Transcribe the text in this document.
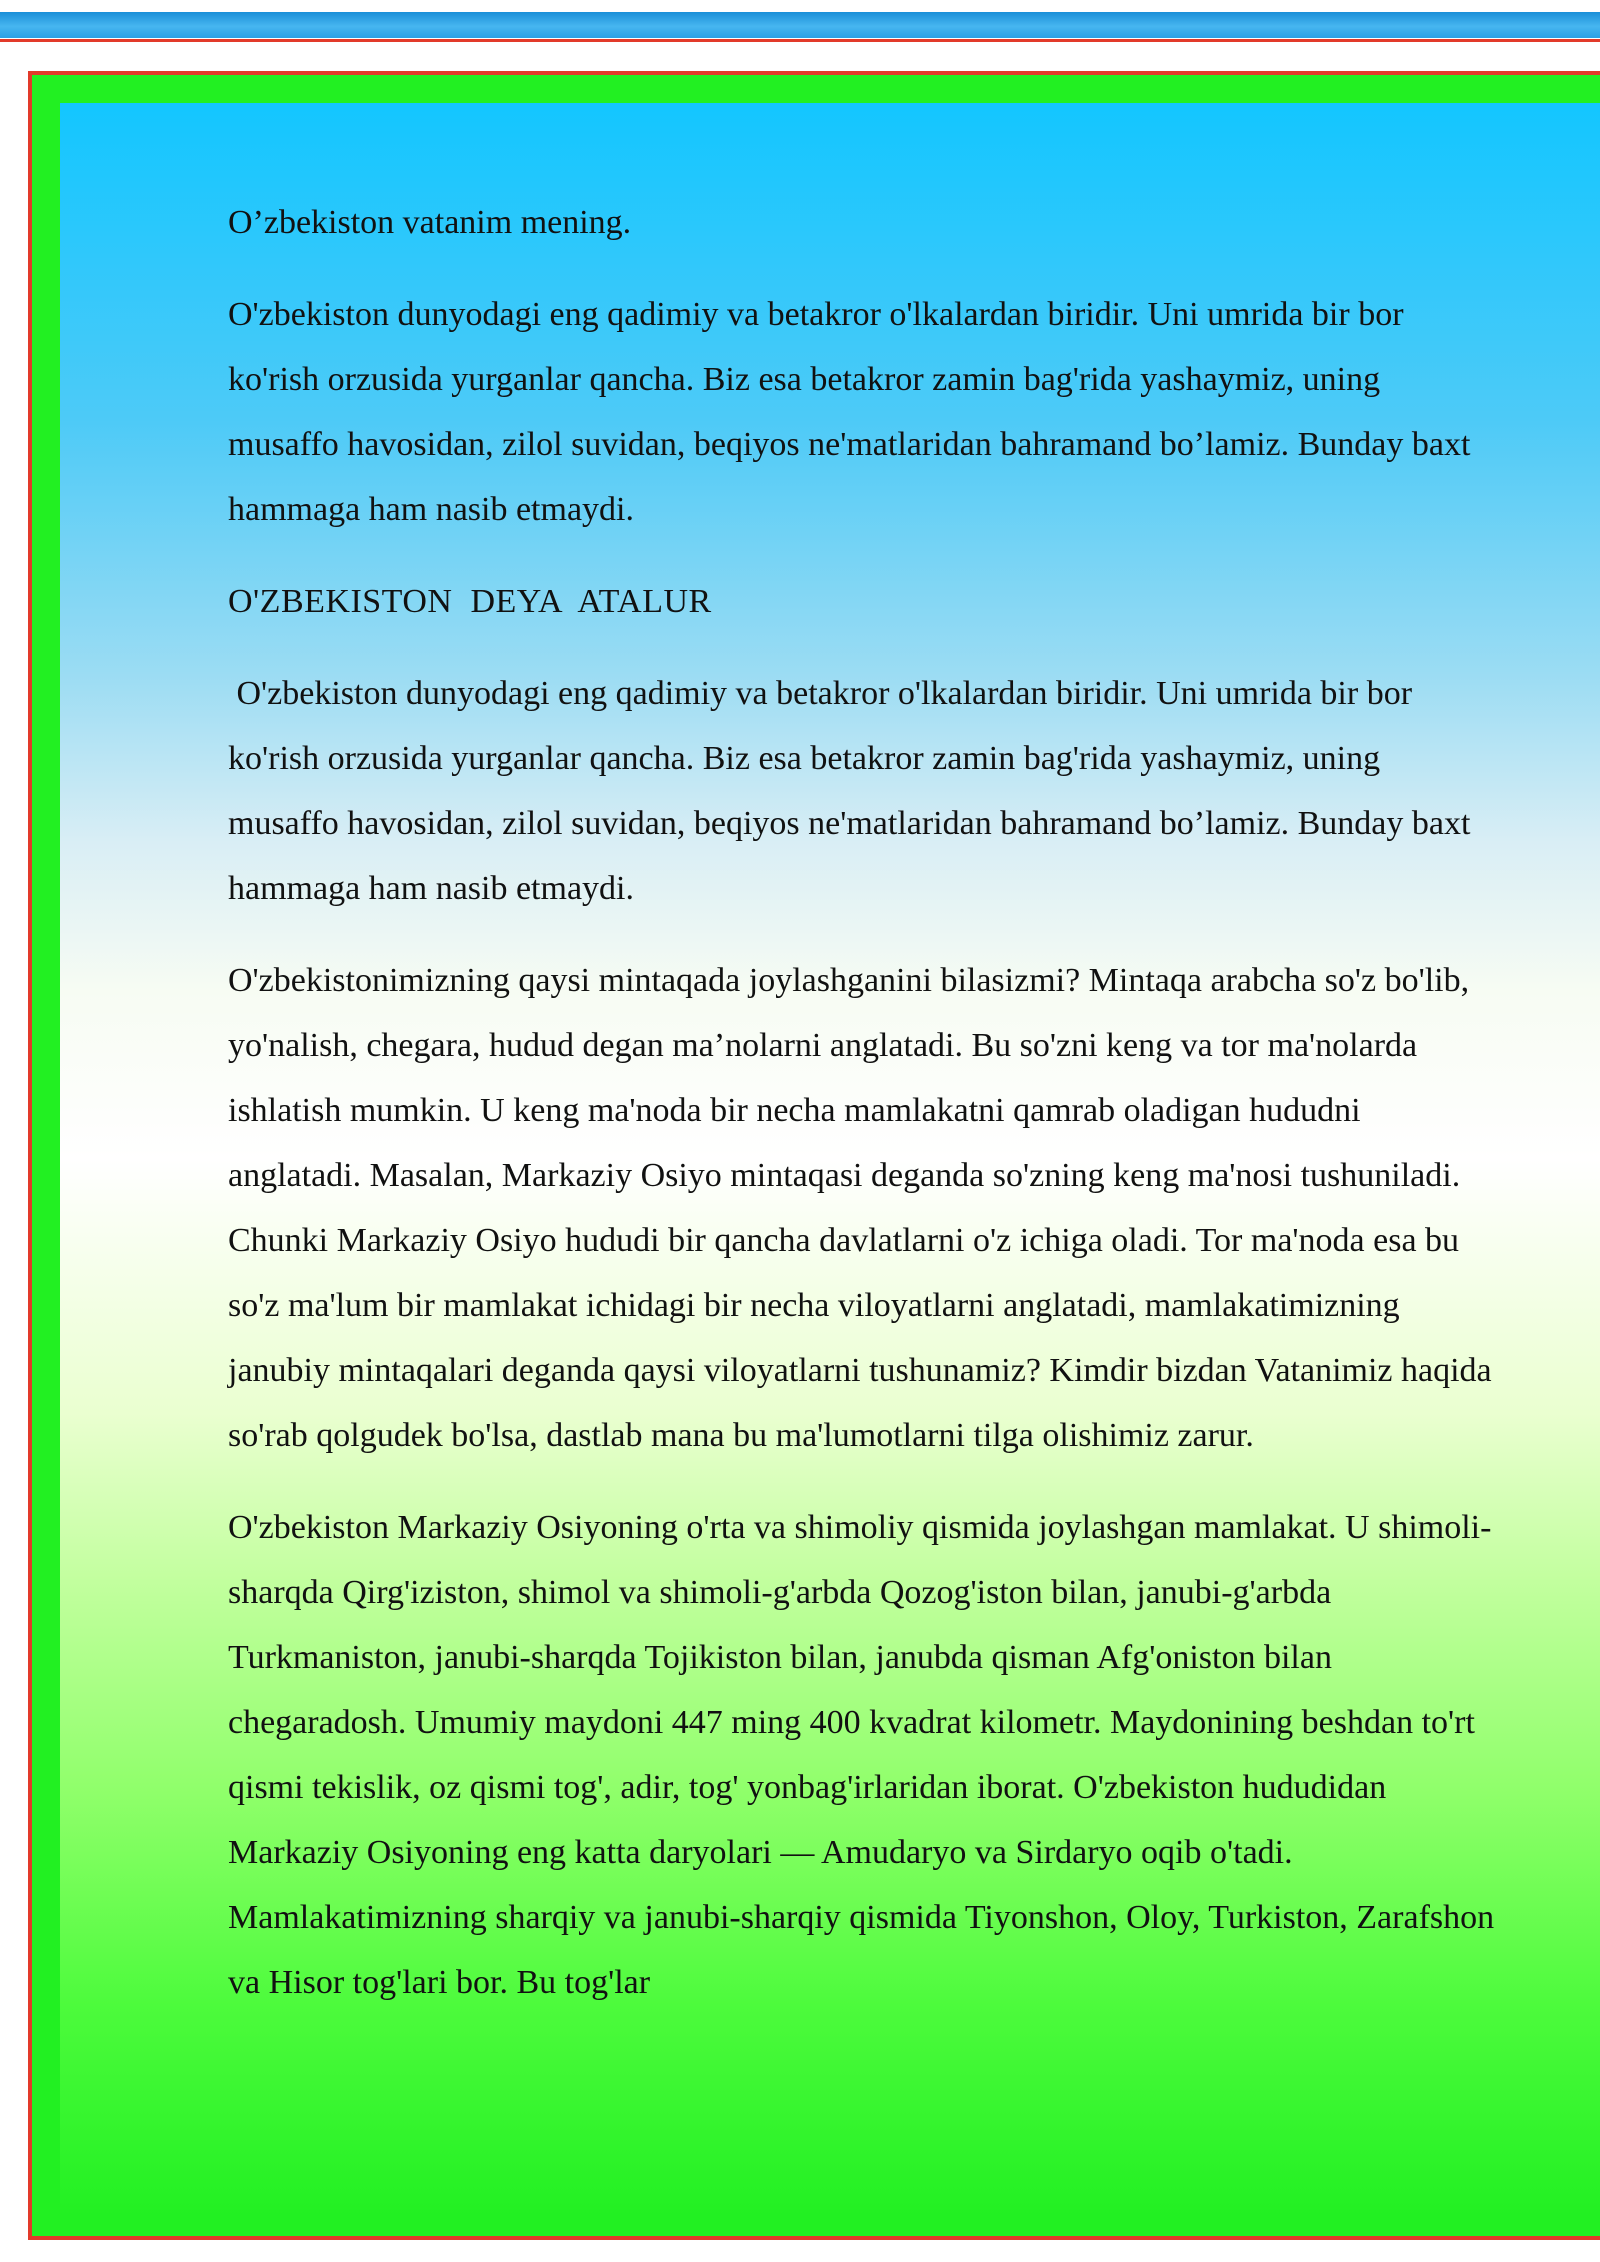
O’zbekiston vatanim mening.

O'zbekiston dunyodagi eng qadimiy va betakror o'lkalardan biridir. Uni umrida bir bor ko'rish orzusida yurganlar qancha. Biz esa betakror zamin bag'rida yashaymiz, uning musaffo havosidan, zilol suvidan, beqiyos ne'matlaridan bahramand bo’lamiz. Bunday baxt hammaga ham nasib etmaydi.

O'ZBEKISTON  DEYA  ATALUR

O'zbekiston dunyodagi eng qadimiy va betakror o'lkalardan biridir. Uni umrida bir bor ko'rish orzusida yurganlar qancha. Biz esa betakror zamin bag'rida yashaymiz, uning musaffo havosidan, zilol suvidan, beqiyos ne'matlaridan bahramand bo’lamiz. Bunday baxt hammaga ham nasib etmaydi.

O'zbekistonimizning qaysi mintaqada joylashganini bilasizmi? Mintaqa arabcha so'z bo'lib, yo'nalish, chegara, hudud degan ma’nolarni anglatadi. Bu so'zni keng va tor ma'nolarda ishlatish mumkin. U keng ma'noda bir necha mamlakatni qamrab oladigan hududni anglatadi. Masalan, Markaziy Osiyo mintaqasi deganda so'zning keng ma'nosi tushuniladi. Chunki Markaziy Osiyo hududi bir qancha davlatlarni o'z ichiga oladi. Tor ma'noda esa bu so'z ma'lum bir mamlakat ichidagi bir necha viloyatlarni anglatadi, mamlakatimizning janubiy mintaqalari deganda qaysi viloyatlarni tushunamiz? Kimdir bizdan Vatanimiz haqida so'rab qolgudek bo'lsa, dastlab mana bu ma'lumotlarni tilga olishimiz zarur.

O'zbekiston Markaziy Osiyoning o'rta va shimoliy qismida joylashgan mamlakat. U shimoli-sharqda Qirg'iziston, shimol va shimoli-g'arbda Qozog'iston bilan, janubi-g'arbda Turkmaniston, janubi-sharqda Tojikiston bilan, janubda qisman Afg'oniston bilan chegaradosh. Umumiy maydoni 447 ming 400 kvadrat kilometr. Maydonining beshdan to'rt qismi tekislik, oz qismi tog', adir, tog' yonbag'irlaridan iborat. O'zbekiston hududidan Markaziy Osiyoning eng katta daryolari — Amudaryo va Sirdaryo oqib o'tadi. Mamlakatimizning sharqiy va janubi-sharqiy qismida Tiyonshon, Oloy, Turkiston, Zarafshon va Hisor tog'lari bor. Bu tog'lar
